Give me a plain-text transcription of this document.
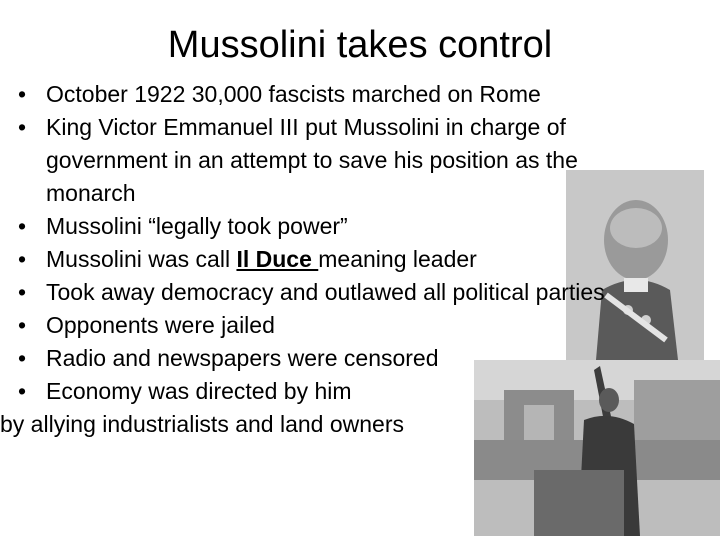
Mussolini takes control
• October 1922 30,000 fascists marched on Rome
• King Victor Emmanuel III put Mussolini in charge of government in an attempt to save his position as the monarch
• Mussolini “legally took power”
• Mussolini was call Il Duce meaning leader
• Took away democracy and outlawed all political parties
• Opponents were jailed
• Radio and newspapers were censored
• Economy was directed by him
by allying industrialists and land owners
